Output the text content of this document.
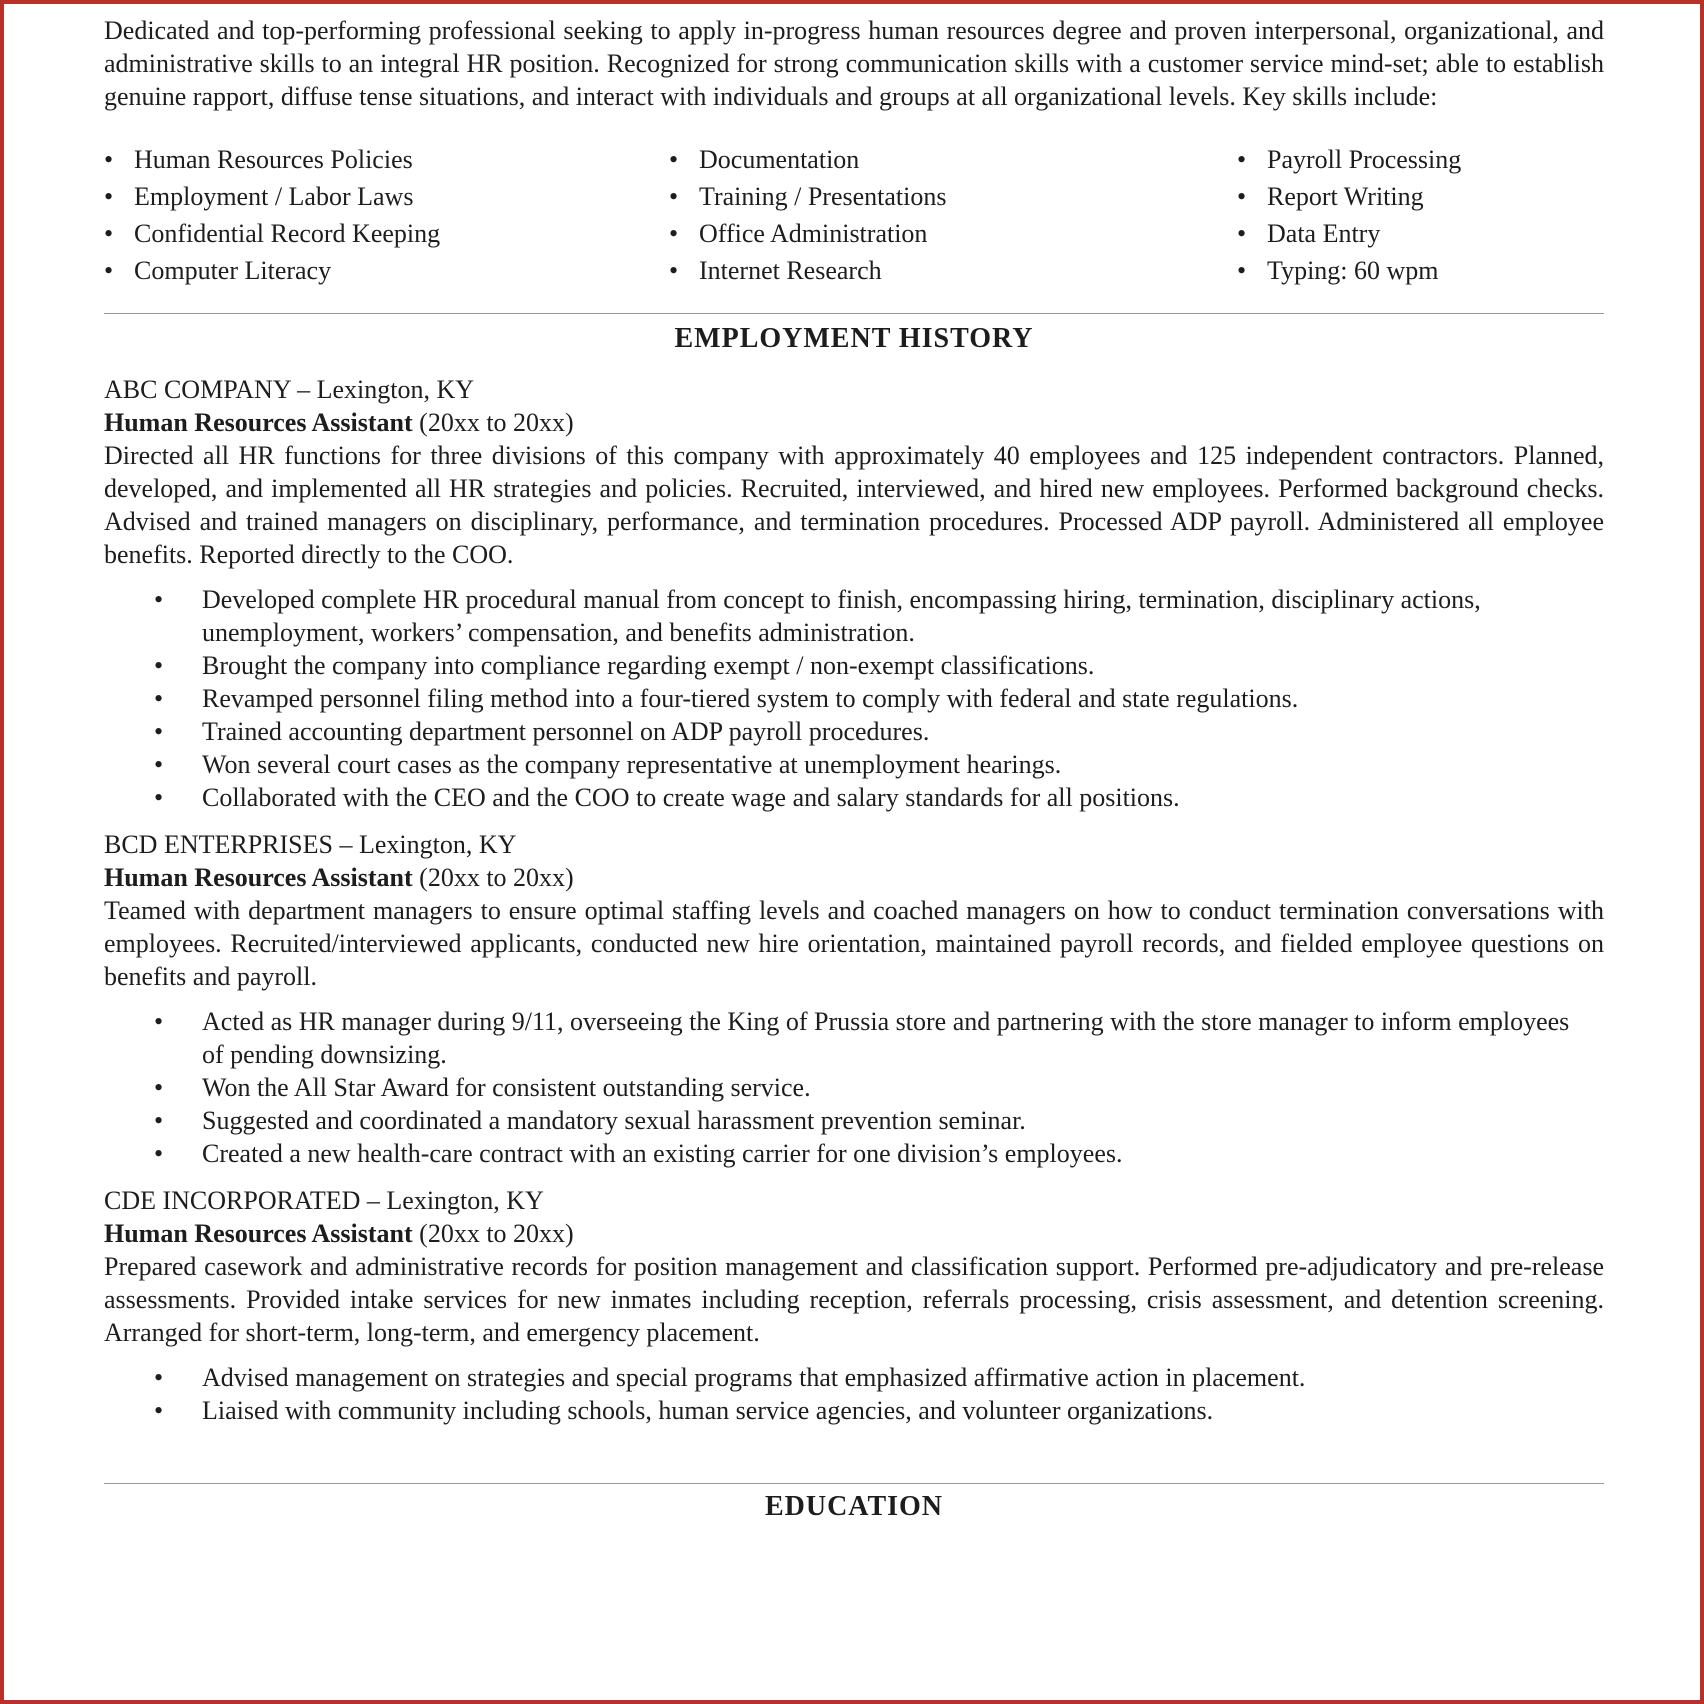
Dedicated and top-performing professional seeking to apply in-progress human resources degree and proven interpersonal, organizational, and administrative skills to an integral HR position. Recognized for strong communication skills with a customer service mind-set; able to establish genuine rapport, diffuse tense situations, and interact with individuals and groups at all organizational levels. Key skills include:

• Human Resources Policies	• Documentation	• Payroll Processing
• Employment / Labor Laws	• Training / Presentations	• Report Writing
• Confidential Record Keeping	• Office Administration	• Data Entry
• Computer Literacy	• Internet Research	• Typing: 60 wpm
EMPLOYMENT HISTORY
ABC COMPANY – Lexington, KY
Human Resources Assistant (20xx to 20xx)

Directed all HR functions for three divisions of this company with approximately 40 employees and 125 independent contractors. Planned, developed, and implemented all HR strategies and policies. Recruited, interviewed, and hired new employees. Performed background checks. Advised and trained managers on disciplinary, performance, and termination procedures. Processed ADP payroll. Administered all employee benefits. Reported directly to the COO.

• Developed complete HR procedural manual from concept to finish, encompassing hiring, termination, disciplinary actions, unemployment, workers’ compensation, and benefits administration.
• Brought the company into compliance regarding exempt / non-exempt classifications.
• Revamped personnel filing method into a four-tiered system to comply with federal and state regulations.
• Trained accounting department personnel on ADP payroll procedures.
• Won several court cases as the company representative at unemployment hearings.
• Collaborated with the CEO and the COO to create wage and salary standards for all positions.
BCD ENTERPRISES – Lexington, KY
Human Resources Assistant (20xx to 20xx)

Teamed with department managers to ensure optimal staffing levels and coached managers on how to conduct termination conversations with employees. Recruited/interviewed applicants, conducted new hire orientation, maintained payroll records, and fielded employee questions on benefits and payroll.

• Acted as HR manager during 9/11, overseeing the King of Prussia store and partnering with the store manager to inform employees of pending downsizing.
• Won the All Star Award for consistent outstanding service.
• Suggested and coordinated a mandatory sexual harassment prevention seminar.
• Created a new health-care contract with an existing carrier for one division’s employees.
CDE INCORPORATED – Lexington, KY
Human Resources Assistant (20xx to 20xx)

Prepared casework and administrative records for position management and classification support. Performed pre-adjudicatory and pre-release assessments. Provided intake services for new inmates including reception, referrals processing, crisis assessment, and detention screening. Arranged for short-term, long-term, and emergency placement.

• Advised management on strategies and special programs that emphasized affirmative action in placement.
• Liaised with community including schools, human service agencies, and volunteer organizations.
EDUCATION
